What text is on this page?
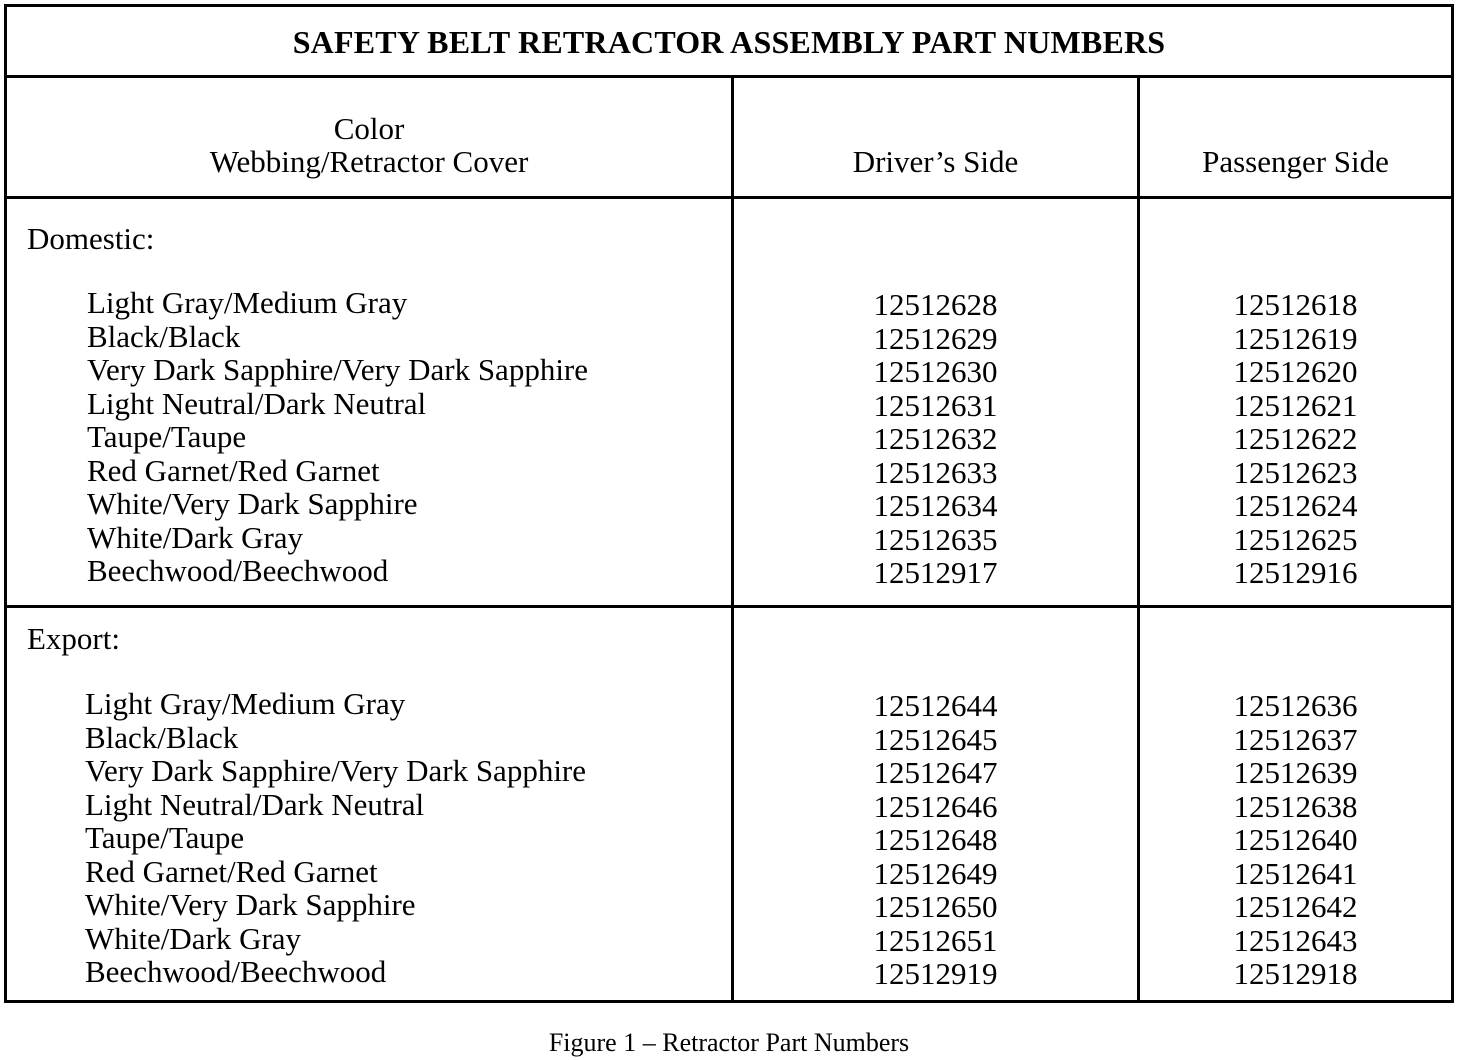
SAFETY BELT RETRACTOR ASSEMBLY PART NUMBERS
Color
Webbing/Retractor Cover	Driver’s Side	Passenger Side
Domestic:
Light Gray/Medium Gray
Black/Black
Very Dark Sapphire/Very Dark Sapphire
Light Neutral/Dark Neutral
Taupe/Taupe
Red Garnet/Red Garnet
White/Very Dark Sapphire
White/Dark Gray
Beechwood/Beechwood
12512628
12512629
12512630
12512631
12512632
12512633
12512634
12512635
12512917
12512618
12512619
12512620
12512621
12512622
12512623
12512624
12512625
12512916
Export:
Light Gray/Medium Gray
Black/Black
Very Dark Sapphire/Very Dark Sapphire
Light Neutral/Dark Neutral
Taupe/Taupe
Red Garnet/Red Garnet
White/Very Dark Sapphire
White/Dark Gray
Beechwood/Beechwood
12512644
12512645
12512647
12512646
12512648
12512649
12512650
12512651
12512919
12512636
12512637
12512639
12512638
12512640
12512641
12512642
12512643
12512918
Figure 1 – Retractor Part Numbers
